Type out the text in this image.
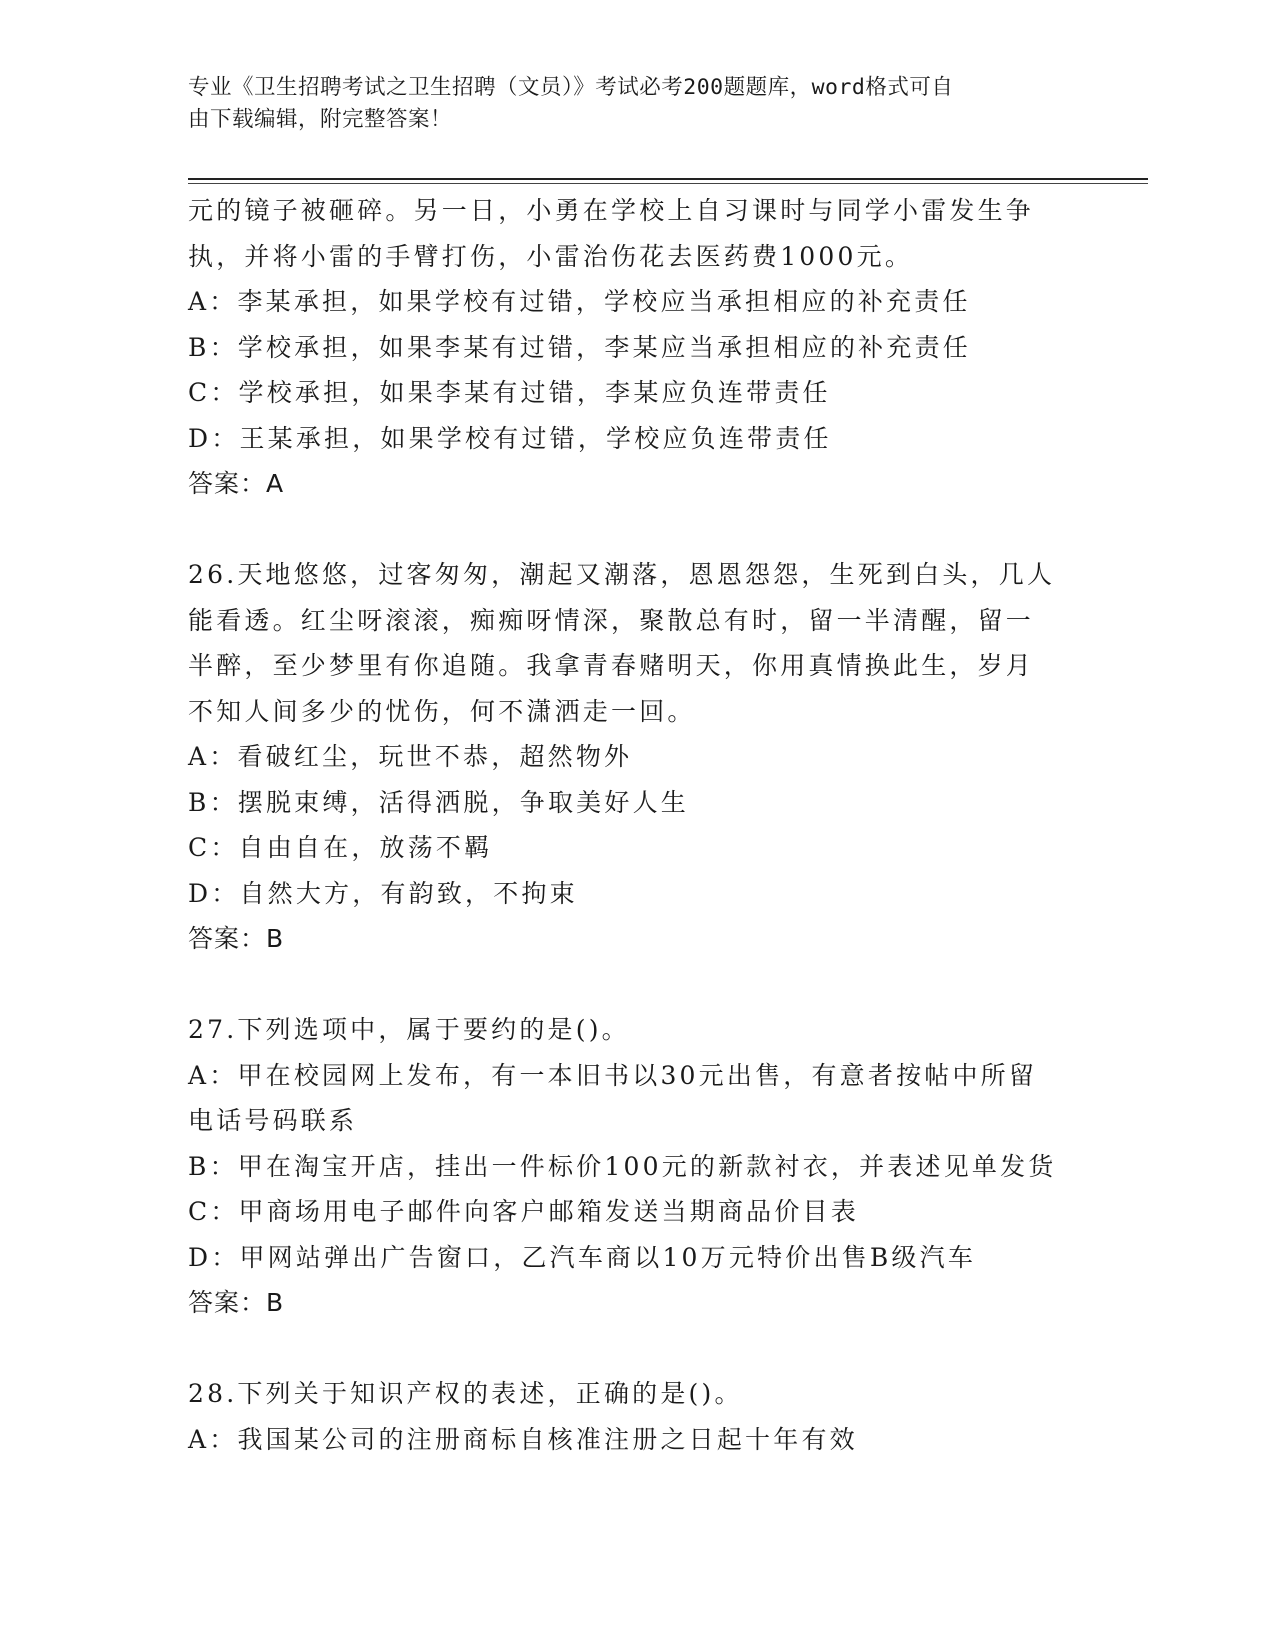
专业《卫生招聘考试之卫生招聘（文员）》考试必考200题题库，word格式可自
由下载编辑，附完整答案！

元的镜子被砸碎。另一日，小勇在学校上自习课时与同学小雷发生争

执，并将小雷的手臂打伤，小雷治伤花去医药费1000元。

A：李某承担，如果学校有过错，学校应当承担相应的补充责任

B：学校承担，如果李某有过错，李某应当承担相应的补充责任

C：学校承担，如果李某有过错，李某应负连带责任

D：王某承担，如果学校有过错，学校应负连带责任

答案：A

26.天地悠悠，过客匆匆，潮起又潮落，恩恩怨怨，生死到白头，几人

能看透。红尘呀滚滚，痴痴呀情深，聚散总有时，留一半清醒，留一

半醉，至少梦里有你追随。我拿青春赌明天，你用真情换此生，岁月

不知人间多少的忧伤，何不潇洒走一回。

A：看破红尘，玩世不恭，超然物外

B：摆脱束缚，活得洒脱，争取美好人生

C：自由自在，放荡不羁

D：自然大方，有韵致，不拘束

答案：B

27.下列选项中，属于要约的是()。

A：甲在校园网上发布，有一本旧书以30元出售，有意者按帖中所留

电话号码联系

B：甲在淘宝开店，挂出一件标价100元的新款衬衣，并表述见单发货

C：甲商场用电子邮件向客户邮箱发送当期商品价目表

D：甲网站弹出广告窗口，乙汽车商以10万元特价出售B级汽车

答案：B

28.下列关于知识产权的表述，正确的是()。

A：我国某公司的注册商标自核准注册之日起十年有效
